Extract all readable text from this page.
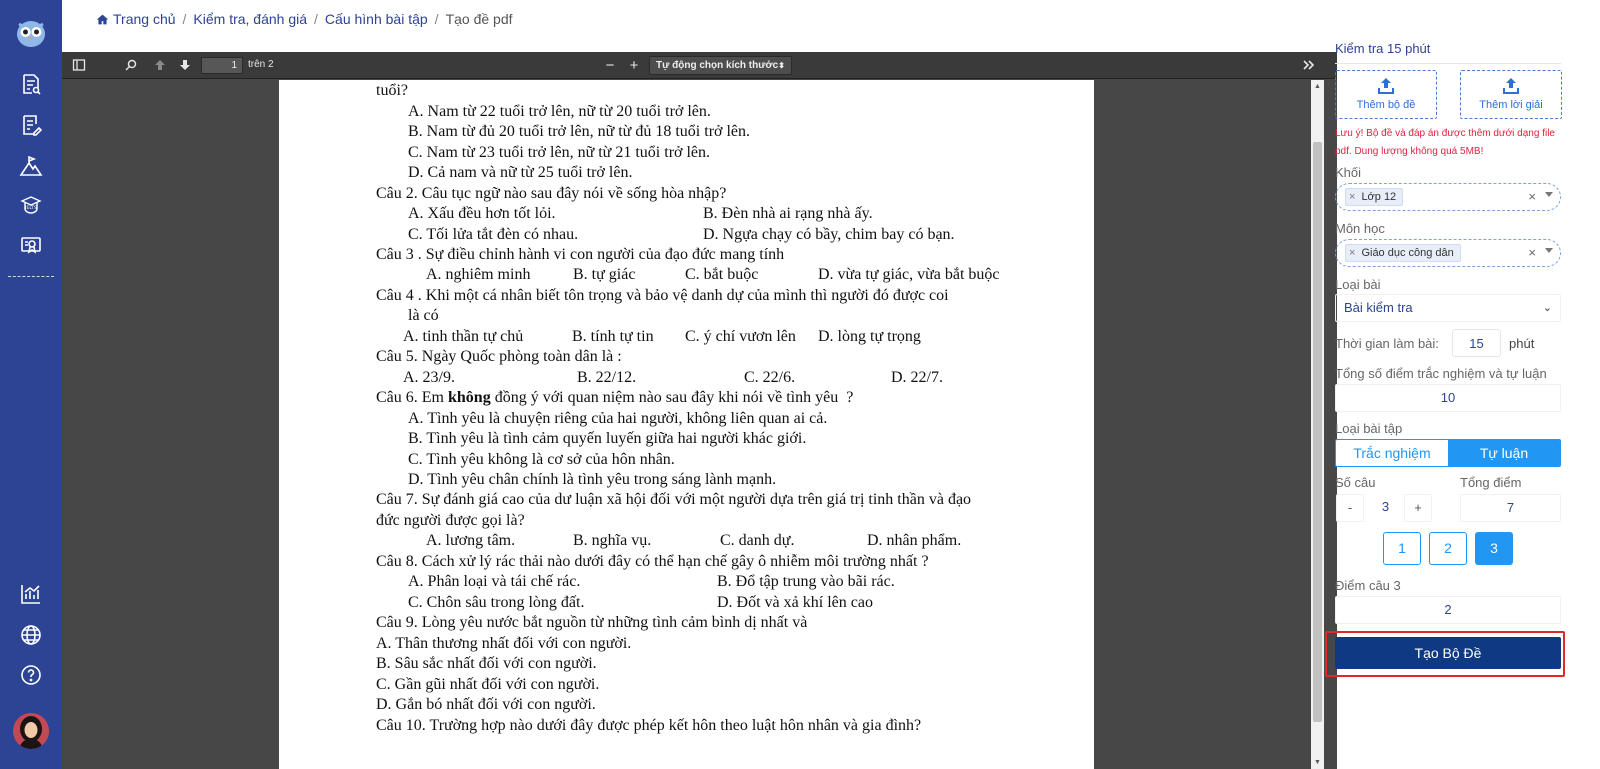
IELTS
Trang chủ / Kiểm tra, đánh giá / Cấu hình bài tập / Tạo đề pdf
1
trên 2	−	+	Tự động chọn kích thước ⬍
tuổi?
A. Nam từ 22 tuổi trở lên, nữ từ 20 tuổi trở lên.
B. Nam từ đủ 20 tuổi trở lên, nữ từ đủ 18 tuổi trở lên.
C. Nam từ 23 tuổi trở lên, nữ từ 21 tuổi trở lên.
D. Cả nam và nữ từ 25 tuổi trở lên.
Câu 2. Câu tục ngữ nào sau đây nói về sống hòa nhập?
A. Xấu đều hơn tốt lỏi.	B. Đèn nhà ai rạng nhà ấy.
C. Tối lửa tắt đèn có nhau.	D. Ngựa chạy có bầy, chim bay có bạn.
Câu 3 . Sự điều chỉnh hành vi con người của đạo đức mang tính
A. nghiêm minh	B. tự giác	C. bắt buộc	D. vừa tự giác, vừa bắt buộc
Câu 4 . Khi một cá nhân biết tôn trọng và bảo vệ danh dự của mình thì người đó được coi
là có
A. tinh thần tự chủ	B. tính tự tin C. ý chí vươn lên D. lòng tự trọng
Câu 5. Ngày Quốc phòng toàn dân là :
A. 23/9.	B. 22/12.	C. 22/6.	D. 22/7.
Câu 6. Em không đồng ý với quan niệm nào sau đây khi nói về tình yêu  ?
A. Tình yêu là chuyện riêng của hai người, không liên quan ai cả.
B. Tình yêu là tình cảm quyến luyến giữa hai người khác giới.
C. Tình yêu không là cơ sở của hôn nhân.
D. Tình yêu chân chính là tình yêu trong sáng lành mạnh.
Câu 7. Sự đánh giá cao của dư luận xã hội đối với một người dựa trên giá trị tinh thần và đạo
đức người được gọi là?
A. lương tâm.	B. nghĩa vụ.	C. danh dự.	D. nhân phẩm.
Câu 8. Cách xử lý rác thải nào dưới đây có thể hạn chế gây ô nhiễm môi trường nhất ?
A. Phân loại và tái chế rác.	B. Đổ tập trung vào bãi rác.
C. Chôn sâu trong lòng đất.	D. Đốt và xả khí lên cao
Câu 9. Lòng yêu nước bắt nguồn từ những tình cảm bình dị nhất và
A. Thân thương nhất đối với con người.
B. Sâu sắc nhất đối với con người.
C. Gần gũi nhất đối với con người.
D. Gắn bó nhất đối với con người.
Câu 10. Trường hợp nào dưới đây được phép kết hôn theo luật hôn nhân và gia đình?
▲
▼
Kiểm tra 15 phút
Thêm bộ đề	Thêm lời giải
Lưu ý! Bộ đề và đáp án được thêm dưới dạng file pdf. Dung lượng không quá 5MB!
Khối
× Lớp 12	×
Môn học
× Giáo dục công dân	×
Loại bài
Bài kiểm tra	⌄
Thời gian làm bài:
15	phút
Tổng số điểm trắc nghiệm và tự luận
10
Loại bài tập
Trắc nghiệm	Tự luận
Số câu	Tổng điểm
-	3	+	7
1	2	3
Điểm câu 3
2
Tạo Bộ Đề
